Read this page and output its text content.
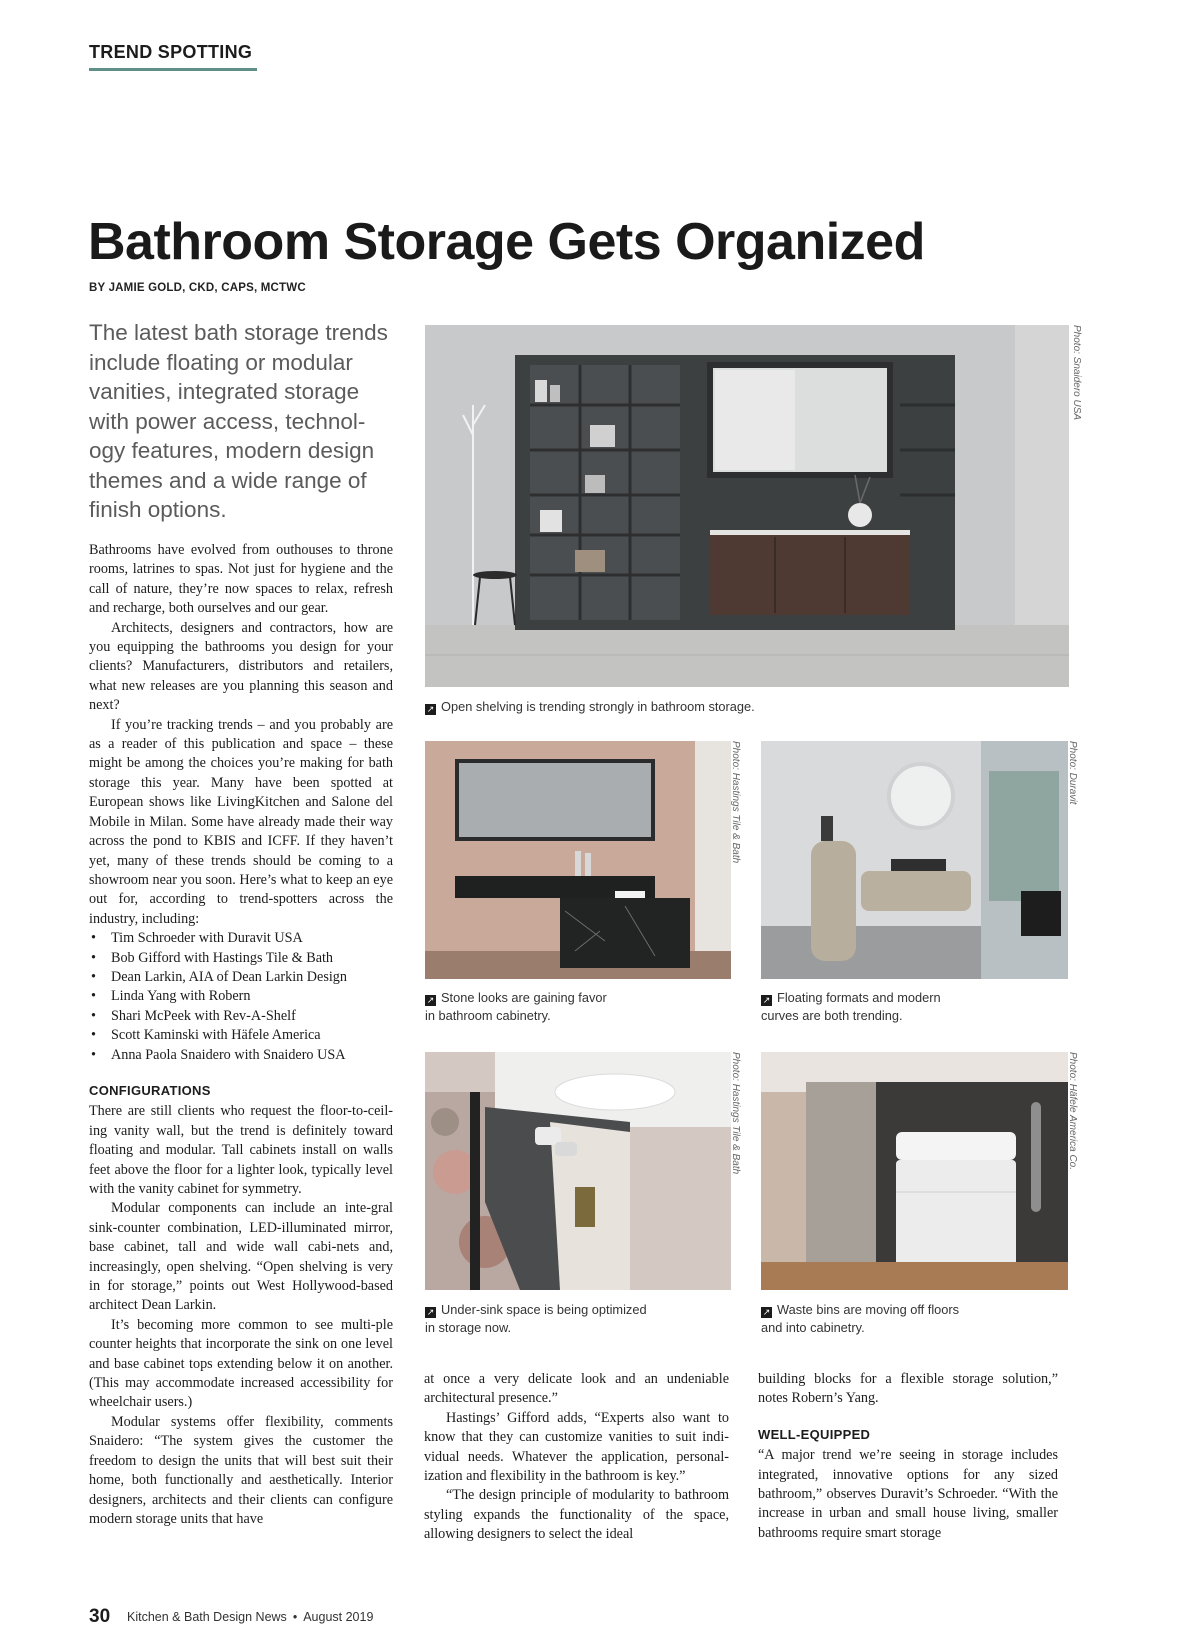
TREND SPOTTING
Bathroom Storage Gets Organized
BY JAMIE GOLD, CKD, CAPS, MCTWC

The latest bath storage trends include floating or modular vanities, integrated storage with power access, technol-ogy features, modern design themes and a wide range of finish options.

Bathrooms have evolved from outhouses to throne rooms, latrines to spas. Not just for hygiene and the call of nature, they’re now spaces to relax, refresh and recharge, both ourselves and our gear.

Architects, designers and contractors, how are you equipping the bathrooms you design for your clients? Manufacturers, distributors and retailers, what new releases are you planning this season and next?

If you’re tracking trends – and you probably are as a reader of this publication and space – these might be among the choices you’re making for bath storage this year. Many have been spotted at European shows like LivingKitchen and Salone del Mobile in Milan. Some have already made their way across the pond to KBIS and ICFF. If they haven’t yet, many of these trends should be coming to a showroom near you soon. Here’s what to keep an eye out for, according to trend-spotters across the industry, including:

• Tim Schroeder with Duravit USA
• Bob Gifford with Hastings Tile & Bath
• Dean Larkin, AIA of Dean Larkin Design
• Linda Yang with Robern
• Shari McPeek with Rev-A-Shelf
• Scott Kaminski with Häfele America
• Anna Paola Snaidero with Snaidero USA
CONFIGURATIONS

There are still clients who request the floor-to-ceil-ing vanity wall, but the trend is definitely toward floating and modular. Tall cabinets install on walls feet above the floor for a lighter look, typically level with the vanity cabinet for symmetry.

Modular components can include an inte-gral sink-counter combination, LED-illuminated mirror, base cabinet, tall and wide wall cabi-nets and, increasingly, open shelving. “Open shelving is very in for storage,” points out West Hollywood-based architect Dean Larkin.

It’s becoming more common to see multi-ple counter heights that incorporate the sink on one level and base cabinet tops extending below it on another. (This may accommodate increased accessibility for wheelchair users.)

Modular systems offer flexibility, comments Snaidero: “The system gives the customer the freedom to design the units that will best suit their home, both functionally and aesthetically. Interior designers, architects and their clients can configure modern storage units that have

Photo: Snaidero USA
↗ Open shelving is trending strongly in bathroom storage.
Photo: Hastings Tile & Bath
↗ Stone looks are gaining favor
in bathroom cabinetry.
Photo: Duravit
↗ Floating formats and modern
curves are both trending.
Photo: Hastings Tile & Bath
↗ Under-sink space is being optimized
in storage now.
Photo: Häfele America Co.
↗ Waste bins are moving off floors
and into cabinetry.

at once a very delicate look and an undeniable architectural presence.”

Hastings’ Gifford adds, “Experts also want to know that they can customize vanities to suit indi-vidual needs. Whatever the application, personal-ization and flexibility in the bathroom is key.”

“The design principle of modularity to bathroom styling expands the functionality of the space, allowing designers to select the ideal

building blocks for a flexible storage solution,” notes Robern’s Yang.

WELL-EQUIPPED

“A major trend we’re seeing in storage includes integrated, innovative options for any sized bathroom,” observes Duravit’s Schroeder. “With the increase in urban and small house living, smaller bathrooms require smart storage

30 Kitchen & Bath Design News • August 2019
